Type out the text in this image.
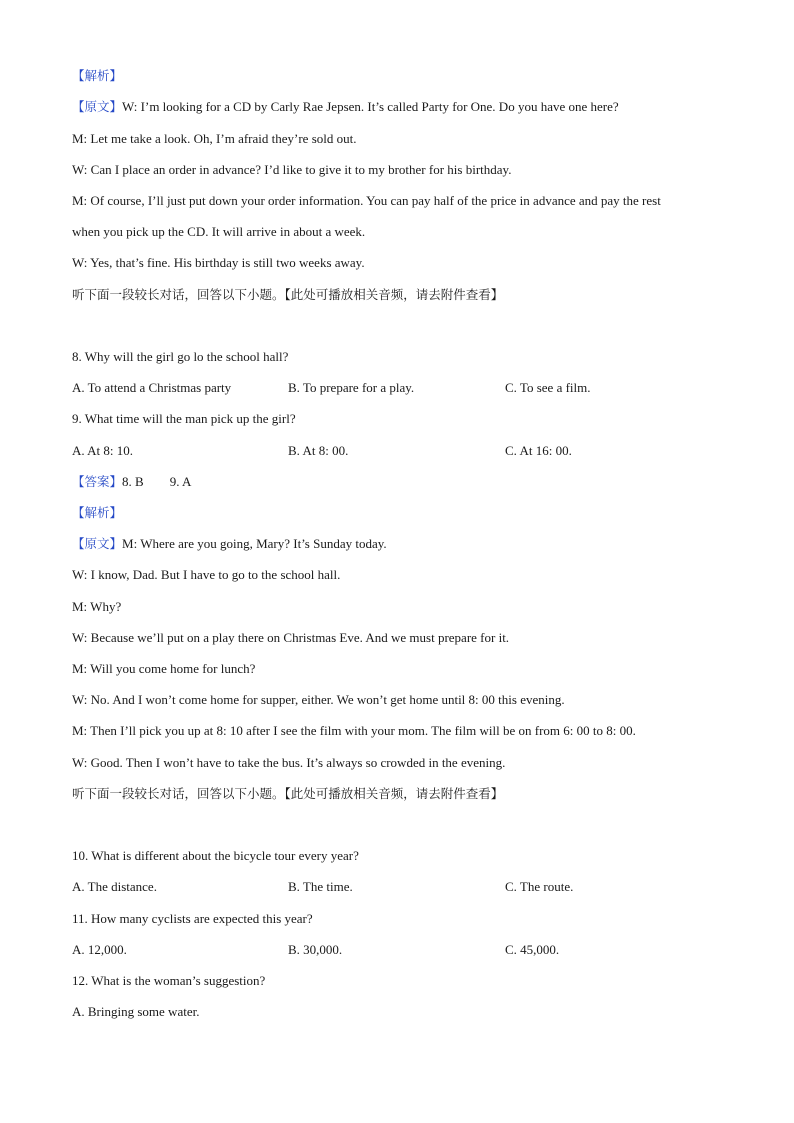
【解析】
【原文】W: I’m looking for a CD by Carly Rae Jepsen. It’s called Party for One. Do you have one here?
M: Let me take a look. Oh, I’m afraid they’re sold out.
W: Can I place an order in advance? I’d like to give it to my brother for his birthday.
M: Of course, I’ll just put down your order information. You can pay half of the price in advance and pay the rest
when you pick up the CD. It will arrive in about a week.
W: Yes, that’s fine. His birthday is still two weeks away.
听下面一段较长对话，回答以下小题。【此处可播放相关音频，请去附件查看】
8. Why will the girl go lo the school hall?
A. To attend a Christmas party	B. To prepare for a play.	C. To see a film.
9. What time will the man pick up the girl?
A. At 8: 10.	B. At 8: 00.	C. At 16: 00.
【答案】8. B 9. A
【解析】
【原文】M: Where are you going, Mary? It’s Sunday today.
W: I know, Dad. But I have to go to the school hall.
M: Why?
W: Because we’ll put on a play there on Christmas Eve. And we must prepare for it.
M: Will you come home for lunch?
W: No. And I won’t come home for supper, either. We won’t get home until 8: 00 this evening.
M: Then I’ll pick you up at 8: 10 after I see the film with your mom. The film will be on from 6: 00 to 8: 00.
W: Good. Then I won’t have to take the bus. It’s always so crowded in the evening.
听下面一段较长对话，回答以下小题。【此处可播放相关音频，请去附件查看】
10. What is different about the bicycle tour every year?
A. The distance.	B. The time.	C. The route.
11. How many cyclists are expected this year?
A. 12,000.	B. 30,000.	C. 45,000.
12. What is the woman’s suggestion?
A. Bringing some water.
